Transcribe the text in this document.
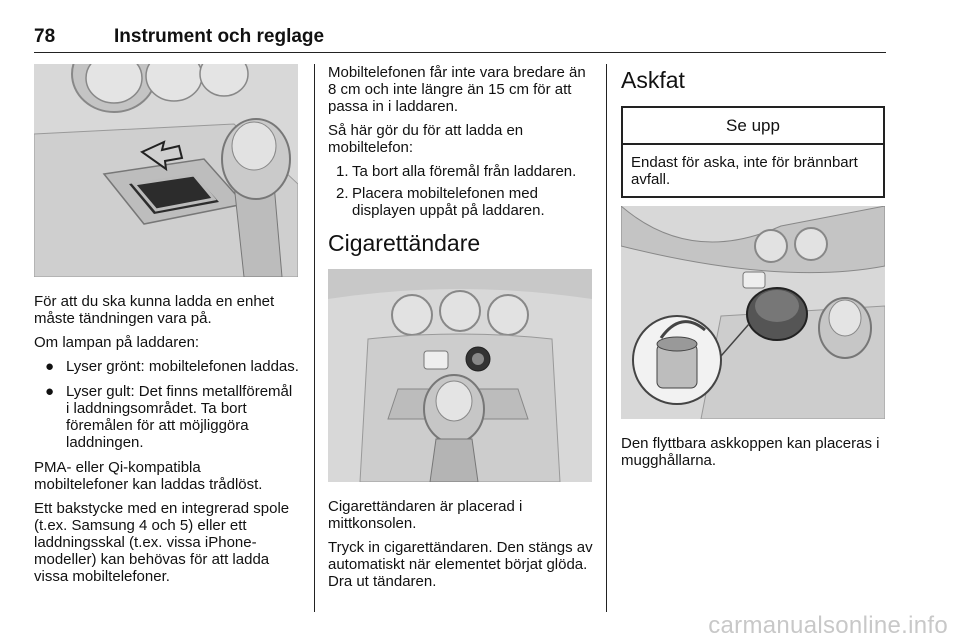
78	Instrument och reglage

För att du ska kunna ladda en enhet måste tändningen vara på.

Om lampan på laddaren:

● Lyser grönt: mobiltelefonen laddas.
● Lyser gult: Det finns metallföremål i laddningsområdet. Ta bort föremålen för att möjliggöra laddningen.

PMA- eller Qi-kompatibla mobiltelefoner kan laddas trådlöst.

Ett bakstycke med en integrerad spole (t.ex. Samsung 4 och 5) eller ett laddningsskal (t.ex. vissa iPhone-modeller) kan behövas för att ladda vissa mobiltelefoner.

Mobiltelefonen får inte vara bredare än 8 cm och inte längre än 15 cm för att passa in i laddaren.

Så här gör du för att ladda en mobiltelefon:

1. Ta bort alla föremål från laddaren.
2. Placera mobiltelefonen med displayen uppåt på laddaren.
Cigarettändare

Cigarettändaren är placerad i mittkonsolen.

Tryck in cigarettändaren. Den stängs av automatiskt när elementet börjat glöda. Dra ut tändaren.

Askfat
Se upp
Endast för aska, inte för brännbart avfall.

Den flyttbara askkoppen kan placeras i mugghållarna.

carmanualsonline.info
